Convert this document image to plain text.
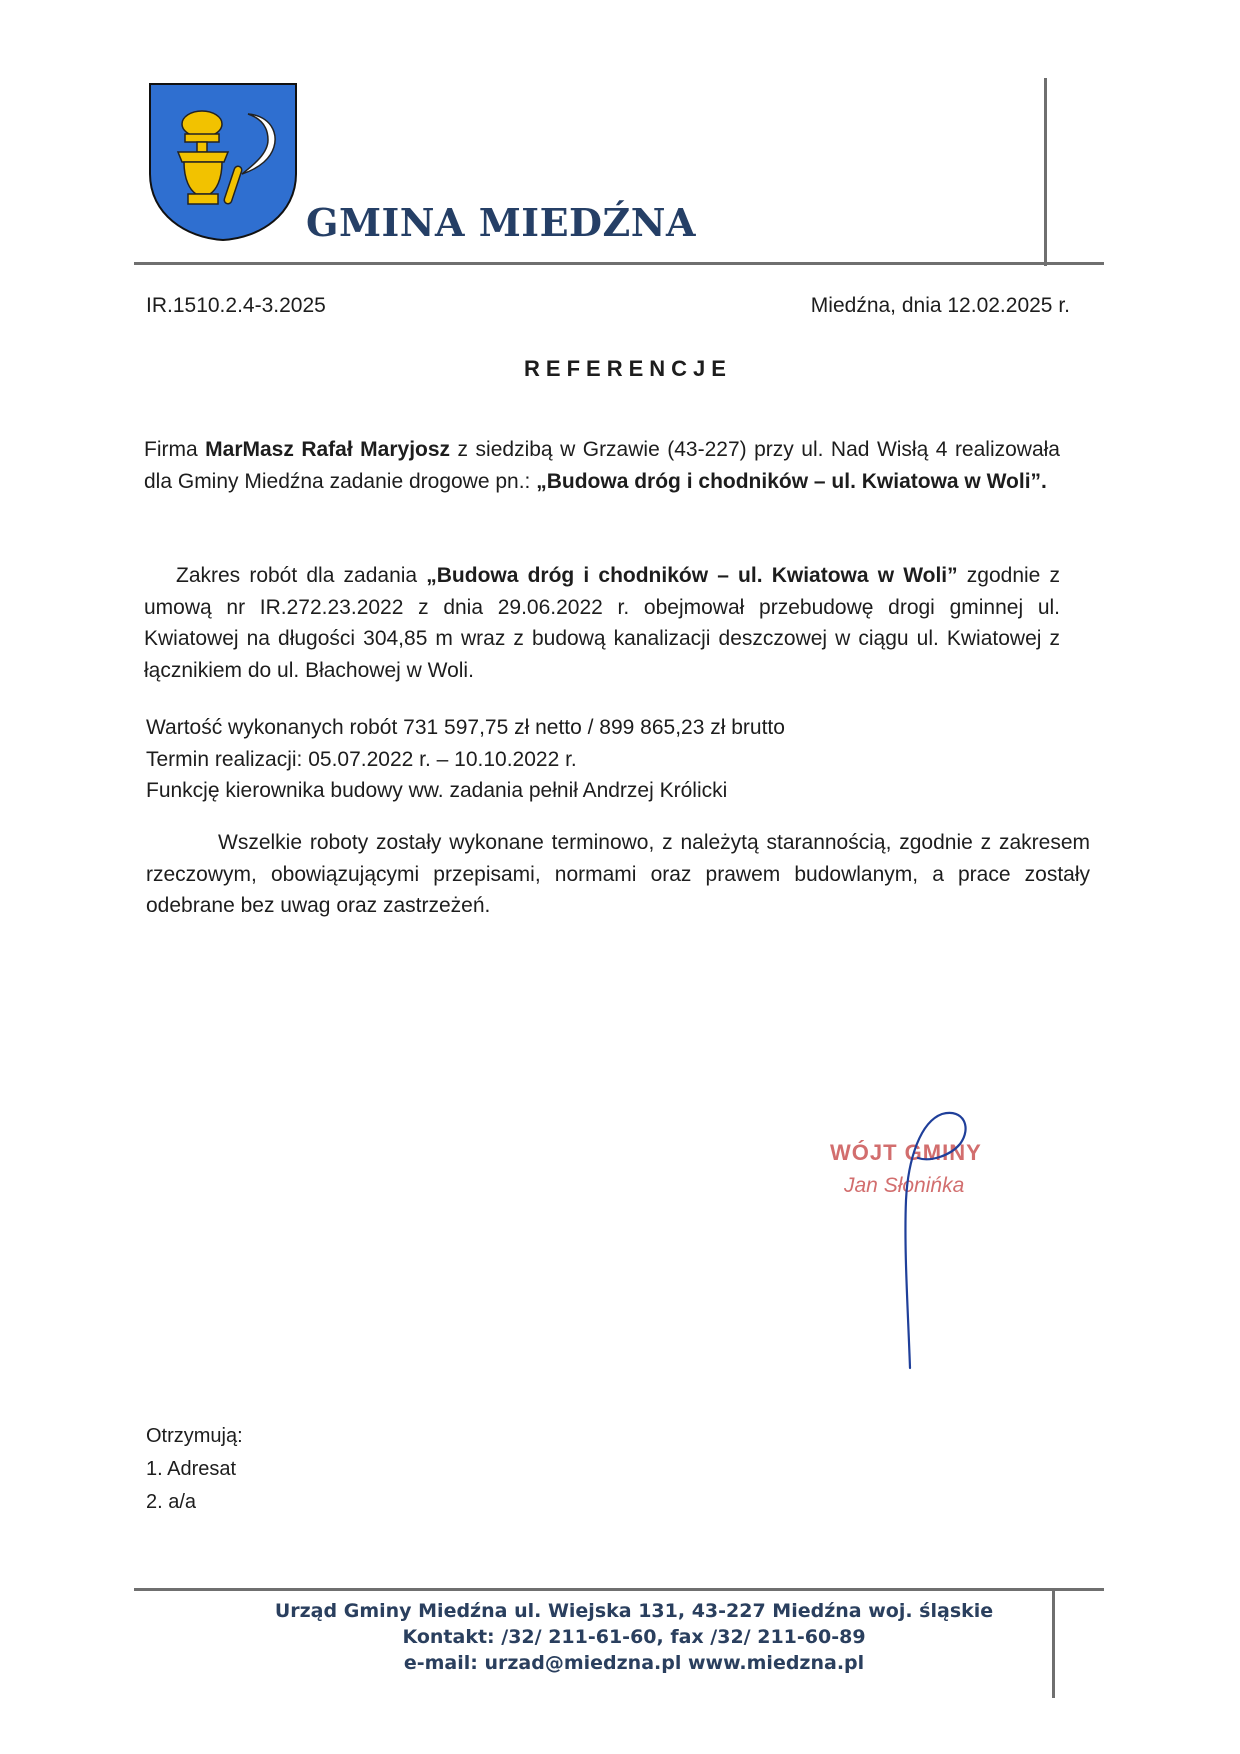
GMINA MIEDŹNA
IR.1510.2.4-3.2025	Miedźna, dnia 12.02.2025 r.
REFERENCJE
Firma MarMasz Rafał Maryjosz z siedzibą w Grzawie (43-227) przy ul. Nad Wisłą 4 realizowała dla Gminy Miedźna zadanie drogowe pn.: „Budowa dróg i chodników – ul. Kwiatowa w Woli”.
Zakres robót dla zadania „Budowa dróg i chodników – ul. Kwiatowa w Woli” zgodnie z umową nr IR.272.23.2022 z dnia 29.06.2022 r. obejmował przebudowę drogi gminnej ul. Kwiatowej na długości 304,85 m wraz z budową kanalizacji deszczowej w ciągu ul. Kwiatowej z łącznikiem do ul. Błachowej w Woli.
Wartość wykonanych robót 731 597,75 zł netto / 899 865,23 zł brutto
Termin realizacji: 05.07.2022 r. – 10.10.2022 r.
Funkcję kierownika budowy ww. zadania pełnił Andrzej Królicki
Wszelkie roboty zostały wykonane terminowo, z należytą starannością, zgodnie z zakresem rzeczowym, obowiązującymi przepisami, normami oraz prawem budowlanym, a prace zostały odebrane bez uwag oraz zastrzeżeń.
WÓJT GMINY
Jan Słonińka
Otrzymują:
1. Adresat
2. a/a
Urząd Gminy Miedźna ul. Wiejska 131, 43-227 Miedźna woj. śląskie
Kontakt: /32/ 211-61-60, fax /32/ 211-60-89
e-mail: urzad@miedzna.pl www.miedzna.pl
